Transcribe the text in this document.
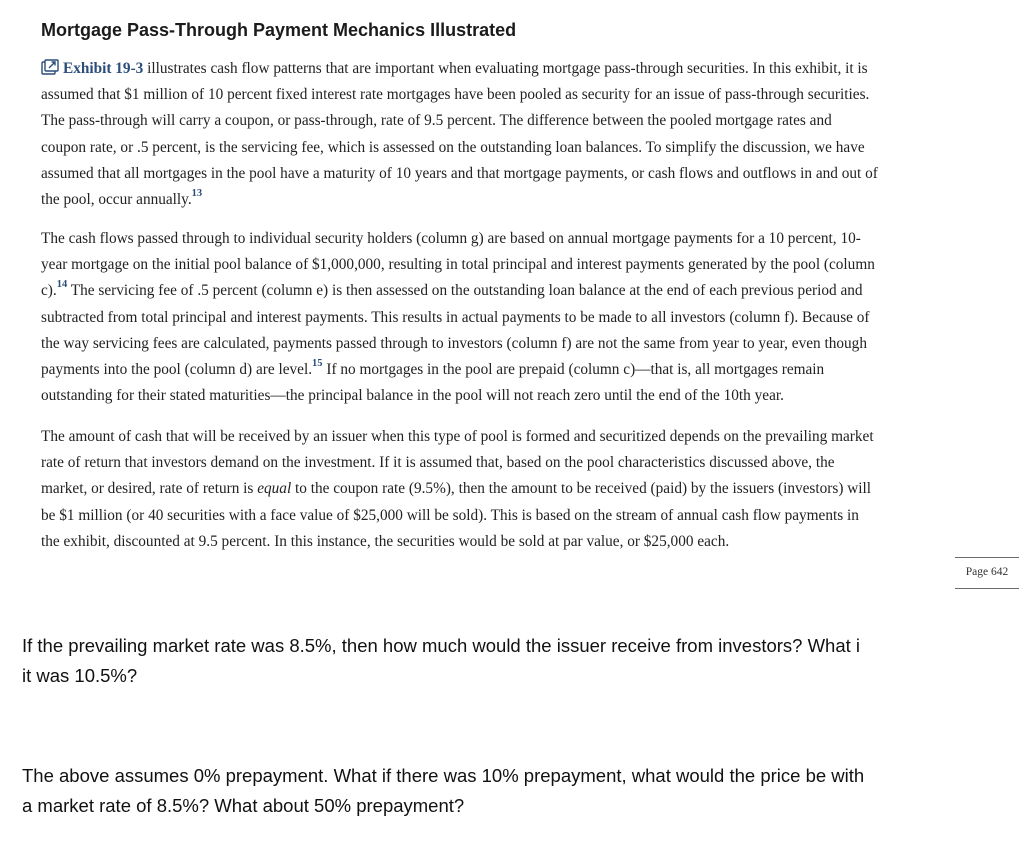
Mortgage Pass-Through Payment Mechanics Illustrated
Exhibit 19-3 illustrates cash flow patterns that are important when evaluating mortgage pass-through securities. In this exhibit, it is
assumed that $1 million of 10 percent fixed interest rate mortgages have been pooled as security for an issue of pass-through securities.
The pass-through will carry a coupon, or pass-through, rate of 9.5 percent. The difference between the pooled mortgage rates and
coupon rate, or .5 percent, is the servicing fee, which is assessed on the outstanding loan balances. To simplify the discussion, we have
assumed that all mortgages in the pool have a maturity of 10 years and that mortgage payments, or cash flows and outflows in and out of
the pool, occur annually.$^{13}$
The cash flows passed through to individual security holders (column g) are based on annual mortgage payments for a 10 percent, 10-
year mortgage on the initial pool balance of $1,000,000, resulting in total principal and interest payments generated by the pool (column
c).$^{14}$ The servicing fee of .5 percent (column e) is then assessed on the outstanding loan balance at the end of each previous period and
subtracted from total principal and interest payments. This results in actual payments to be made to all investors (column f). Because of
the way servicing fees are calculated, payments passed through to investors (column f) are not the same from year to year, even though
payments into the pool (column d) are level.$^{15}$ If no mortgages in the pool are prepaid (column c)—that is, all mortgages remain
outstanding for their stated maturities—the principal balance in the pool will not reach zero until the end of the 10th year.
The amount of cash that will be received by an issuer when this type of pool is formed and securitized depends on the prevailing market
rate of return that investors demand on the investment. If it is assumed that, based on the pool characteristics discussed above, the
market, or desired, rate of return is equal to the coupon rate (9.5%), then the amount to be received (paid) by the issuers (investors) will
be $1 million (or 40 securities with a face value of $25,000 will be sold). This is based on the stream of annual cash flow payments in
the exhibit, discounted at 9.5 percent. In this instance, the securities would be sold at par value, or $25,000 each.
Page 642
If the prevailing market rate was 8.5%, then how much would the issuer receive from investors? What i
it was 10.5%?
The above assumes 0% prepayment. What if there was 10% prepayment, what would the price be with
a market rate of 8.5%? What about 50% prepayment?
